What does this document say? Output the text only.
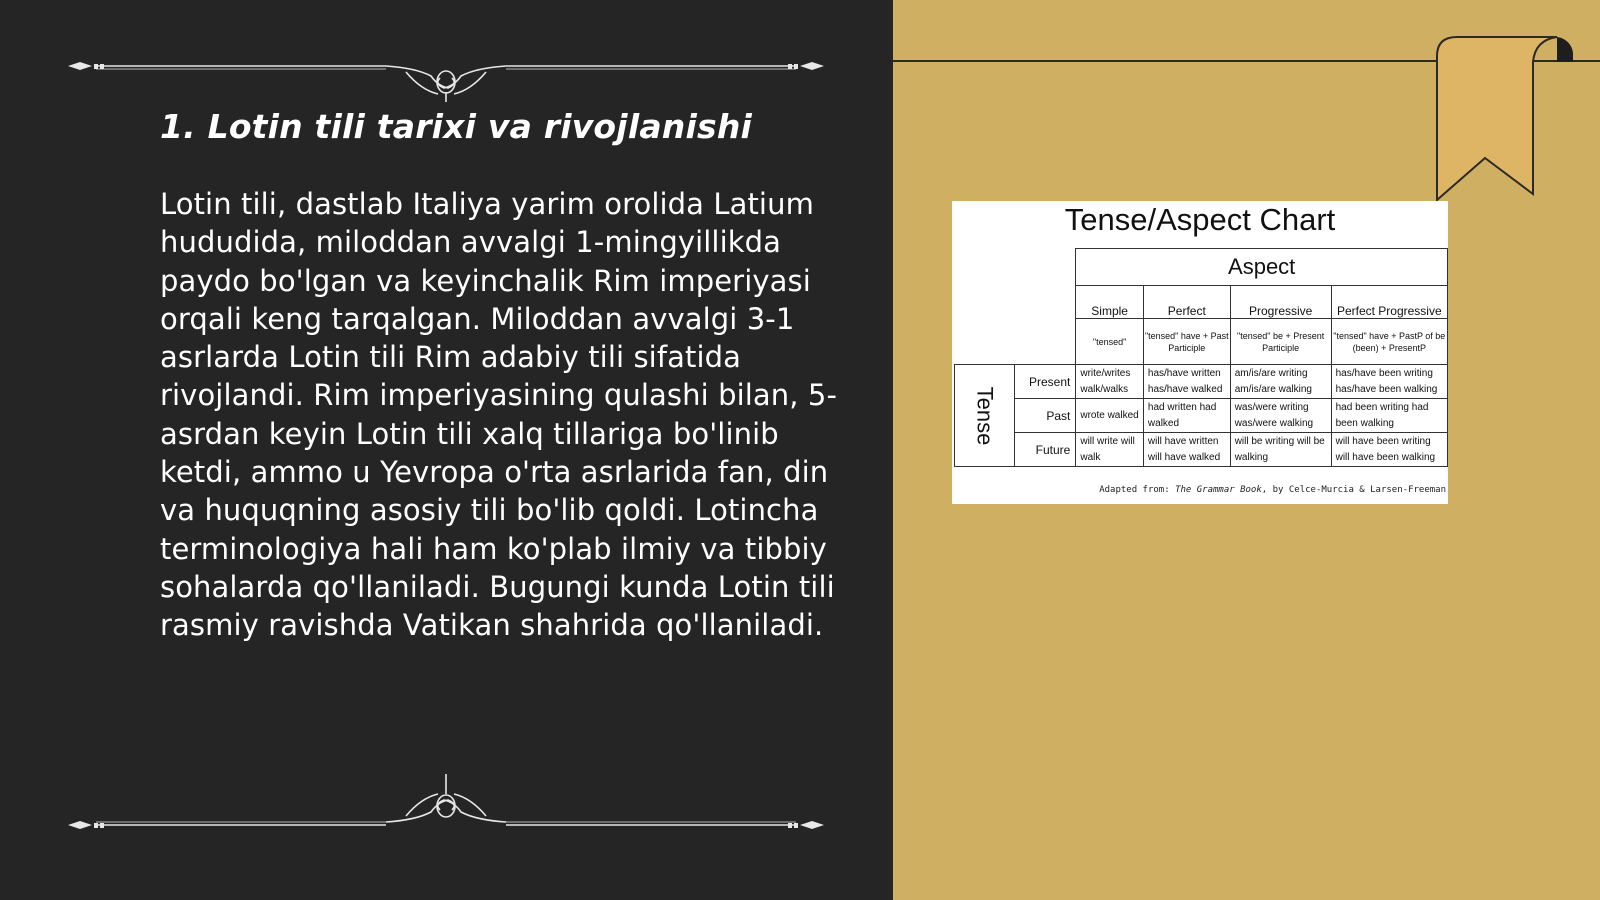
1. Lotin tili tarixi va rivojlanishi

Lotin tili, dastlab Italiya yarim orolida Latium hududida, miloddan avvalgi 1-mingyillikda paydo bo'lgan va keyinchalik Rim imperiyasi orqali keng tarqalgan. Miloddan avvalgi 3-1 asrlarda Lotin tili Rim adabiy tili sifatida rivojlandi. Rim imperiyasining qulashi bilan, 5-asrdan keyin Lotin tili xalq tillariga bo'linib ketdi, ammo u Yevropa o'rta asrlarida fan, din va huquqning asosiy tili bo'lib qoldi. Lotincha terminologiya hali ham ko'plab ilmiy va tibbiy sohalarda qo'llaniladi. Bugungi kunda Lotin tili rasmiy ravishda Vatikan shahrida qo'llaniladi.

Tense/Aspect Chart

		Aspect			
		Simple	Perfect	Progressive	Perfect Progressive
		"tensed"	"tensed" have + Past Participle	"tensed" be + Present Participle	"tensed" have + PastP of be (been) + PresentP
Tense	Present	write/writes walk/walks	has/have written has/have walked	am/is/are writing am/is/are walking	has/have been writing has/have been walking
	Past	wrote walked	had written had walked	was/were writing was/were walking	had been writing had been walking
	Future	will write will walk	will have written will have walked	will be writing will be walking	will have been writing will have been walking

Adapted from: The Grammar Book, by Celce-Murcia & Larsen-Freeman
